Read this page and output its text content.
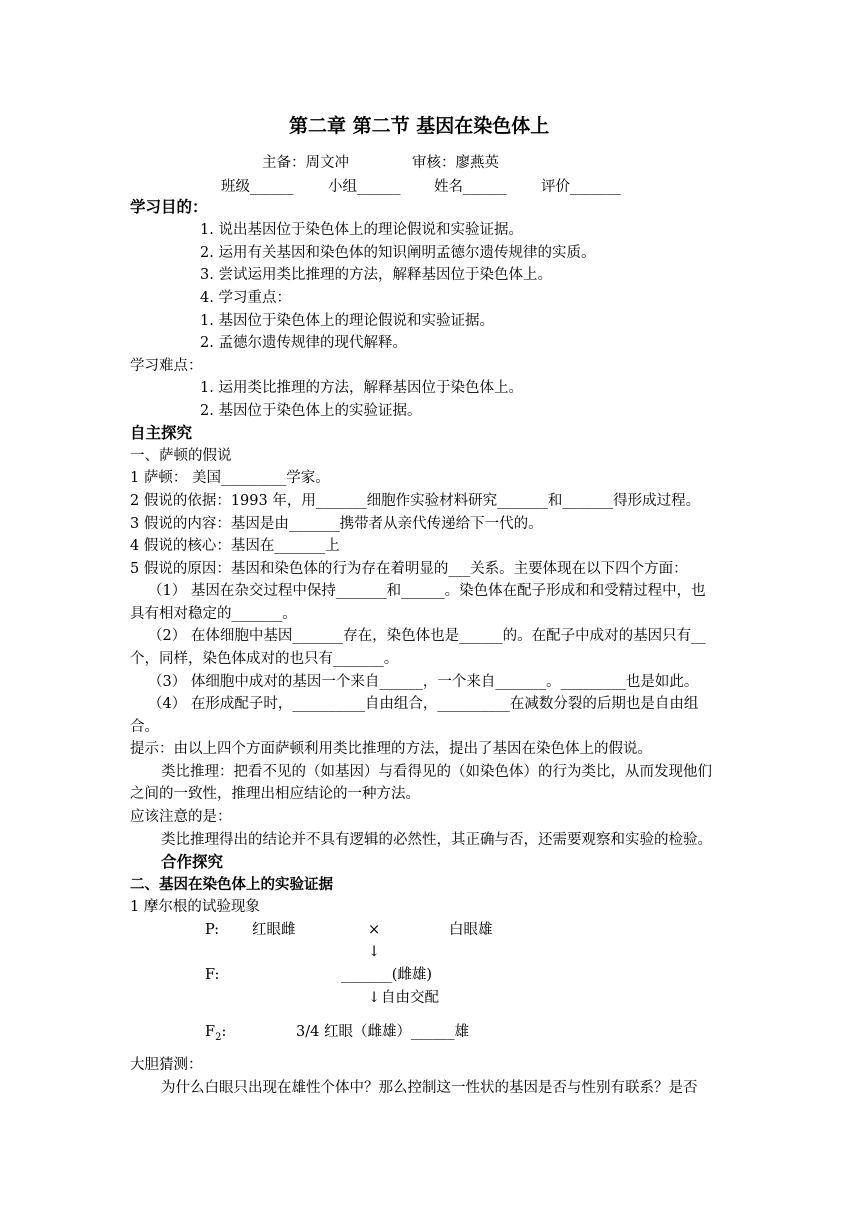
第二章 第二节 基因在染色体上
主备：周文冲	审核：廖燕英
班级______ 小组______ 姓名______ 评价_______
学习目的：
1. 说出基因位于染色体上的理论假说和实验证据。
2. 运用有关基因和染色体的知识阐明孟德尔遗传规律的实质。
3. 尝试运用类比推理的方法，解释基因位于染色体上。
4. 学习重点：
1. 基因位于染色体上的理论假说和实验证据。
2. 孟德尔遗传规律的现代解释。
学习难点：
1. 运用类比推理的方法，解释基因位于染色体上。
2. 基因位于染色体上的实验证据。
自主探究
一、萨顿的假说
1 萨顿： 美国_________学家。
2 假说的依据：1993 年，用_______细胞作实验材料研究_______和_______得形成过程。
3 假说的内容：基因是由_______携带者从亲代传递给下一代的。
4 假说的核心：基因在_______上
5 假说的原因：基因和染色体的行为存在着明显的___关系。主要体现在以下四个方面：
（1） 基因在杂交过程中保持_______和______。染色体在配子形成和和受精过程中，也
具有相对稳定的_______。
（2） 在体细胞中基因_______存在，染色体也是______的。在配子中成对的基因只有__
个，同样，染色体成对的也只有_______。
（3） 体细胞中成对的基因一个来自______，一个来自_______。_________也是如此。
（4） 在形成配子时，__________自由组合，__________在减数分裂的后期也是自由组
合。
提示：由以上四个方面萨顿利用类比推理的方法，提出了基因在染色体上的假说。
类比推理：把看不见的（如基因）与看得见的（如染色体）的行为类比，从而发现他们
之间的一致性，推理出相应结论的一种方法。
应该注意的是：
类比推理得出的结论并不具有逻辑的必然性，其正确与否，还需要观察和实验的检验。
合作探究
二、基因在染色体上的实验证据
1 摩尔根的试验现象
P: 红眼雌	×	白眼雄
↓
F:	_______(雌雄)
↓ 自由交配
$F_2$:	3/4 红眼（雌雄）______雄
大胆猜测：
为什么白眼只出现在雄性个体中？那么控制这一性状的基因是否与性别有联系？是否
